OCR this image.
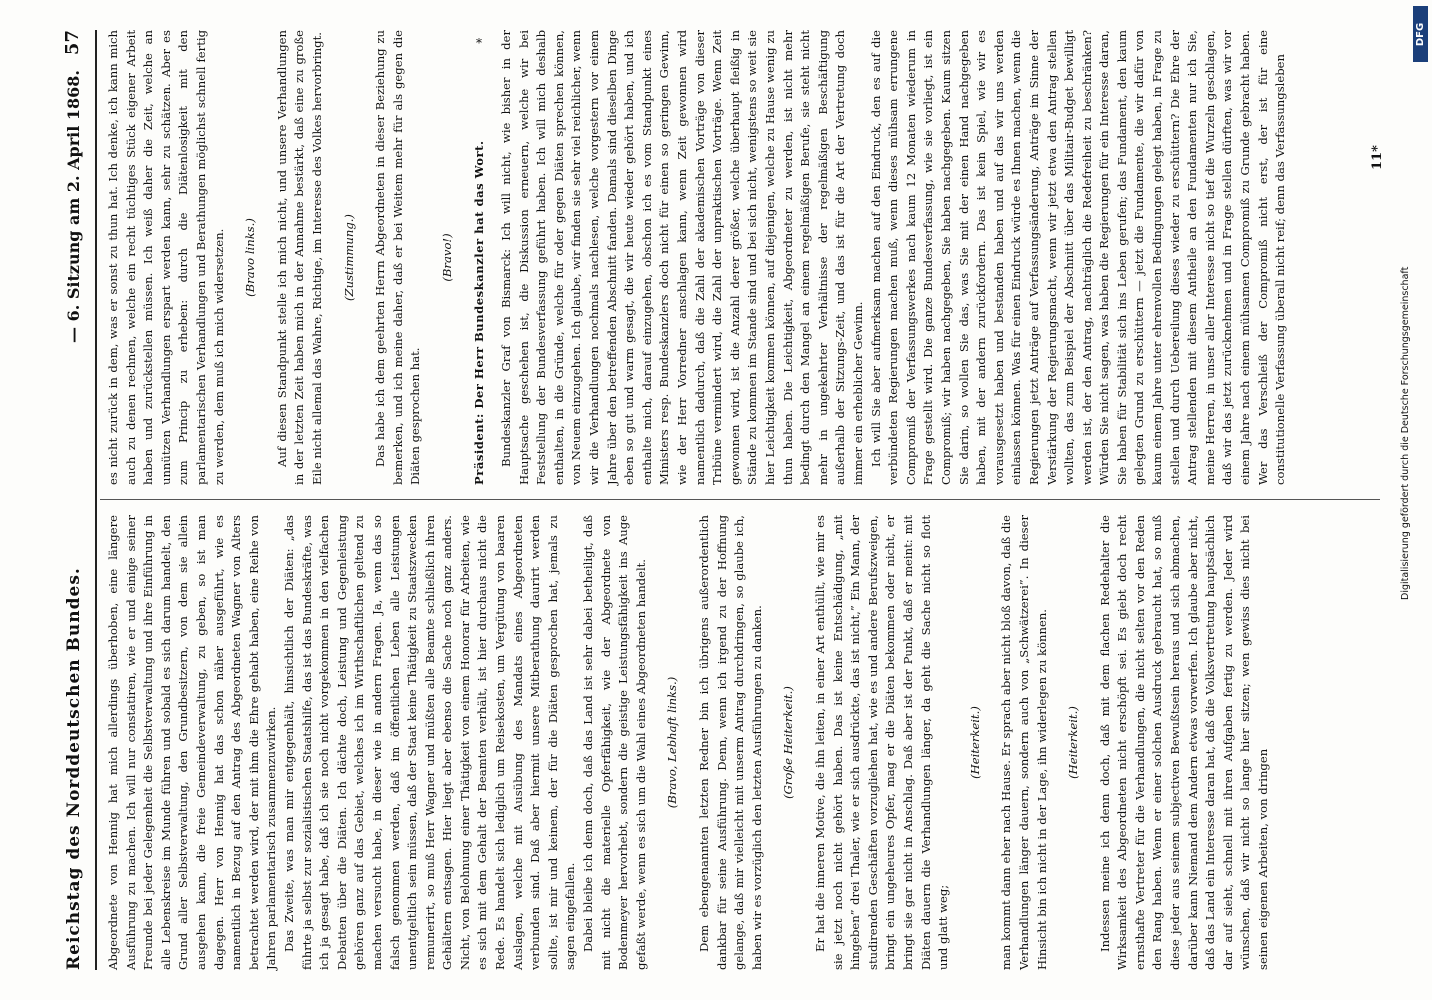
Reichstag des Norddeutschen Bundes.
— 6. Sitzung am 2. April 1868.
57

Abgeordnete von Hennig hat mich allerdings überhoben, eine längere Ausführung zu machen. Ich will nur constatiren, wie er und einige seiner Freunde bei jeder Gelegenheit die Selbstverwaltung und ihre Einführung in alle Lebenskreise im Munde führen und sobald es sich darum handelt, den Grund aller Selbstverwaltung, den Grundbesitzern, von dem sie allein ausgehen kann, die freie Gemeindeverwaltung, zu geben, so ist man dagegen. Herr von Hennig hat das schon näher ausgeführt, wie es namentlich in Bezug auf den Antrag des Abgeordneten Wagner von Alters betrachtet werden wird, der mit ihm die Ehre gehabt haben, eine Reihe von Jahren parlamentarisch zusammenzuwirken. Das Zweite, was man mir entgegenhält, hinsichtlich der Diäten: „das führte ja selbst zur sozialistischen Staatshilfe, das ist das Bundeskräfte, was ich ja gesagt habe, daß ich sie noch nicht vorgekommen in den vielfachen Debatten über die Diäten. Ich dächte doch, Leistung und Gegenleistung gehören ganz auf das Gebiet, welches ich im Wirthschaftlichen geltend zu machen versucht habe, in dieser wie in andern Fragen. Ja, wenn das so falsch genommen werden, daß im öffentlichen Leben alle Leistungen unentgeltlich sein müssen, daß der Staat keine Thätigkeit zu Staatszwecken remunerirt, so muß Herr Wagner und müßten alle Beamte schließlich ihren Gehältern entsagen. Hier liegt aber ebenso die Sache noch ganz anders. Nicht, von Belohnung einer Thätigkeit von einem Honorar für Arbeiten, wie es sich mit dem Gehalt der Beamten verhält, ist hier durchaus nicht die Rede. Es handelt sich lediglich um Reisekosten, um Vergütung von baaren Auslagen, welche mit Ausübung des Mandats eines Abgeordneten verbunden sind. Daß aber hiermit unsere Mitberathung daurirt werden sollte, ist mir und keinem, der für die Diäten gesprochen hat, jemals zu sagen eingefallen. Dabei bleibe ich denn doch, daß das Land ist sehr dabei betheiligt, daß mit nicht die materielle Opferfähigkeit, wie der Abgeordnete von Bodenmeyer hervorhebt, sondern die geistige Leistungsfähigkeit ins Auge gefaßt werde, wenn es sich um die Wahl eines Abgeordneten handelt. (Bravo, Lebhaft links.) Dem ebengenannten letzten Redner bin ich übrigens außerordentlich dankbar für seine Ausführung. Denn, wenn ich irgend zu der Hoffnung gelange, daß mir vielleicht mit unserm Antrag durchdringen, so glaube ich, haben wir es vorzüglich den letzten Ausführungen zu danken. (Große Heiterkeit.) Er hat die inneren Motive, die ihn leiten, in einer Art enthüllt, wie mir es sie jetzt noch nicht gehört haben. Das ist keine Entschädigung, „mit hingeben” drei Thaler, wie er sich ausdrückte, das ist nicht,” Ein Mann, der studirenden Geschäften vorzugliehen hat, wie es und andere Berufszweigen, bringt ein ungeheures Opfer, mag er die Diäten bekommen oder nicht, er bringt sie gar nicht in Anschlag. Daß aber ist der Punkt, daß er meint: mit Diäten dauern die Verhandlungen länger, da geht die Sache nicht so flott und glatt weg;

(Heiterkeit.) man kommt dann eher nach Hause. Er sprach aber nicht bloß davon, daß die Verhandlungen länger dauern, sondern auch von „Schwätzerei”. In dieser Hinsicht bin ich nicht in der Lage, ihn widerlegen zu können. (Heiterkeit.) Indessen meine ich denn doch, daß mit dem flachen Redehalter die Wirksamkeit des Abgeordneten nicht erschöpft sei. Es giebt doch recht ernsthafte Vertreter für die Verhandlungen, die nicht selten vor den Reden den Rang haben. Wenn er einer solchen Ausdruck gebraucht hat, so muß diese jeder aus seinem subjectiven Bewußtsein heraus und sich abmachen, darüber kann Niemand dem Andern etwas vorwerfen. Ich glaube aber nicht, daß das Land ein Interesse daran hat, daß die Volksvertretung hauptsächlich dar auf sieht, schnell mit ihren Aufgaben fertig zu werden. Jeder wird wünschen, daß wir nicht so lange hier sitzen; wen gewiss dies nicht bei seinen eigenen Arbeiten, von dringen

es nicht zurück in dem, was er sonst zu thun hat. Ich denke, ich kann mich auch zu denen rechnen, welche ein recht tüchtiges Stück eigener Arbeit haben und zurückstellen müssen. Ich weiß daher die Zeit, welche an unnützen Verhandlungen erspart werden kann, sehr zu schätzen. Aber es zum Princip zu erheben: durch die Diätenlosigkeit mit den parlamentarischen Verhandlungen und Berathungen möglichst schnell fertig zu werden, dem muß ich mich widersetzen. (Bravo links.) Auf diesen Standpunkt stelle ich mich nicht, und unsere Verhandlungen in der letzten Zeit haben mich in der Annahme bestärkt, daß eine zu große Eile nicht allemal das Wahre, Richtige, im Interesse des Volkes hervorbringt. (Zustimmung.) Das habe ich dem geehrten Herrn Abgeordneten in dieser Beziehung zu bemerken, und ich meine daher, daß er bei Weitem mehr für als gegen die Diäten gesprochen hat.

(Bravo!) Präsident: Der Herr Bundeskanzler hat das Wort. Bundeskanzler Graf von Bismarck: Ich will nicht, wie bisher in der Hauptsache geschehen ist, die Diskussion erneuern, welche wir bei Feststellung der Bundesverfassung geführt haben. Ich will mich deshalb enthalten, in die Gründe, welche für oder gegen Diäten sprechen können, von Neuem einzugehen. Ich glaube, wir finden sie sehr viel reichlicher, wenn wir die Verhandlungen nochmals nachlesen, welche vorgestern vor einem Jahre über den betreffenden Abschnitt fanden. Damals sind dieselben Dinge eben so gut und warm gesagt, die wir heute wieder gehört haben, und ich enthalte mich, darauf einzugehen, obschon ich es vom Standpunkt eines Ministers resp. Bundeskanzlers doch nicht für einen so geringen Gewinn, wie der Herr Vorredner anschlagen kann, wenn Zeit gewonnen wird namentlich dadurch, daß die Zahl der akademischen Vorträge von dieser Tribüne vermindert wird, die Zahl der unpraktischen Vorträge. Wenn Zeit gewonnen wird, ist die Anzahl derer größer, welche überhaupt fleißig in Stände zu kommen im Stande sind und bei sich nicht, wenigstens so weit sie hier Leichtigkeit kommen können, auf diejenigen, welche zu Hause wenig zu thun haben. Die Leichtigkeit, Abgeordneter zu werden, ist nicht mehr bedingt durch den Mangel an einem regelmäßigen Berufe, sie steht nicht mehr in ungekehrter Verhältnisse der regelmäßigen Beschäftigung außerhalb der Sitzungs-Zeit, und das ist für die Art der Vertretung doch immer ein erheblicher Gewinn. Ich will Sie aber aufmerksam machen auf den Eindruck, den es auf die verbündeten Regierungen machen muß, wenn dieses mühsam errungene Compromiß der Verfassungswerkes nach kaum 12 Monaten wiederum in Frage gestellt wird. Die ganze Bundesverfassung, wie sie vorliegt, ist ein Compromiß; wir haben nachgegeben, Sie haben nachgegeben. Kaum sitzen Sie darin, so wollen Sie das, was Sie mit der einen Hand nachgegeben haben, mit der andern zurückfordern. Das ist kein Spiel, wie wir es vorausgesetzt haben und bestanden haben und auf das wir uns werden einlassen können. Was für einen Eindruck würde es Ihnen machen, wenn die Regierungen jetzt Anträge auf Verfassungsänderung, Anträge im Sinne der Verstärkung der Regierungsmacht, wenn wir jetzt etwa den Antrag stellen wollten, das zum Beispiel der Abschnitt über das Militair-Budget bewilligt werden ist, der den Antrag, nachträglich die Redefreiheit zu beschränken? Würden Sie nicht sagen, was haben die Regierungen für ein Interesse daran, Sie haben für Stabilität sich ins Leben gerufen; das Fundament, den kaum gelegten Grund zu erschüttern — jetzt die Fundamente, die wir dafür von kaum einem Jahre unter ehrenvollen Bedingungen gelegt haben, in Frage zu stellen und durch Uebereilung dieses wieder zu erschüttern? Die Ehre der Antrag stellenden mit diesem Antheile an den Fundamenten nur ich Sie, meine Herren, in unser aller Interesse nicht so tief die Wurzeln geschlagen, daß wir das jetzt zurücknehmen und in Frage stellen dürften, was wir vor einem Jahre nach einem mühsamen Compromiß zu Grunde gebracht haben. Wer das Verschleiß der Compromiß nicht erst, der ist für eine constitutionelle Verfassung überall nicht reif; denn das Verfassungsleben	11*
*	DFG
Digitalisierung gefördert durch die Deutsche Forschungsgemeinschaft
